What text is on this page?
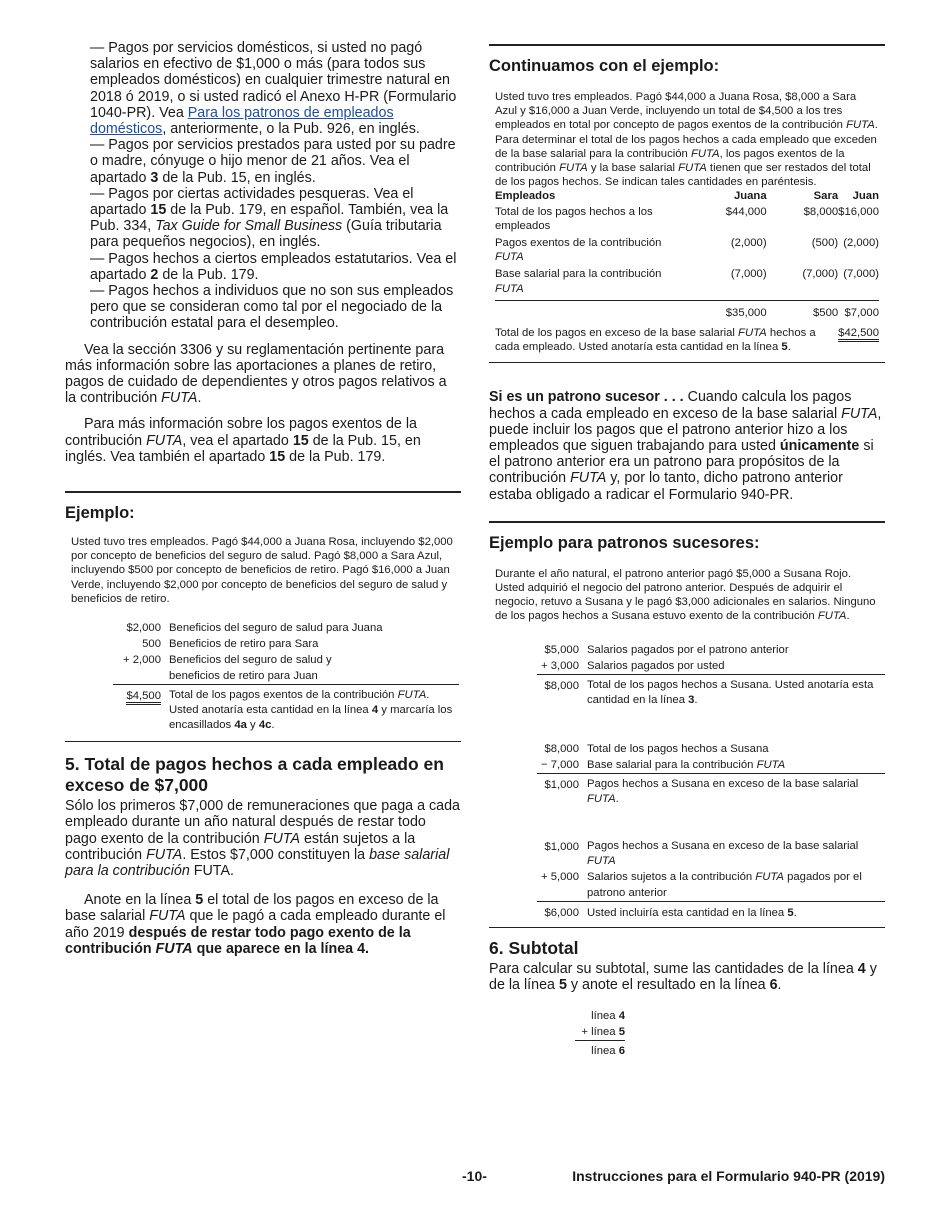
— Pagos por servicios domésticos, si usted no pagó salarios en efectivo de $1,000 o más (para todos sus empleados domésticos) en cualquier trimestre natural en 2018 ó 2019, o si usted radicó el Anexo H-PR (Formulario 1040-PR). Vea Para los patronos de empleados domésticos, anteriormente, o la Pub. 926, en inglés.

— Pagos por servicios prestados para usted por su padre o madre, cónyuge o hijo menor de 21 años. Vea el apartado 3 de la Pub. 15, en inglés.

— Pagos por ciertas actividades pesqueras. Vea el apartado 15 de la Pub. 179, en español. También, vea la Pub. 334, Tax Guide for Small Business (Guía tributaria para pequeños negocios), en inglés.

— Pagos hechos a ciertos empleados estatutarios. Vea el apartado 2 de la Pub. 179.

— Pagos hechos a individuos que no son sus empleados pero que se consideran como tal por el negociado de la contribución estatal para el desempleo.

Vea la sección 3306 y su reglamentación pertinente para más información sobre las aportaciones a planes de retiro, pagos de cuidado de dependientes y otros pagos relativos a la contribución FUTA.

Para más información sobre los pagos exentos de la contribución FUTA, vea el apartado 15 de la Pub. 15, en inglés. Vea también el apartado 15 de la Pub. 179.

Ejemplo:
Usted tuvo tres empleados. Pagó $44,000 a Juana Rosa, incluyendo $2,000 por concepto de beneficios del seguro de salud. Pagó $8,000 a Sara Azul, incluyendo $500 por concepto de beneficios de retiro. Pagó $16,000 a Juan Verde, incluyendo $2,000 por concepto de beneficios del seguro de salud y beneficios de retiro.
$2,000	Beneficios del seguro de salud para Juana
500	Beneficios de retiro para Sara
+ 2,000	Beneficios del seguro de salud y
	beneficios de retiro para Juan
$4,500	Total de los pagos exentos de la contribución FUTA. Usted anotaría esta cantidad en la línea 4 y marcaría los encasillados 4a y 4c.
5. Total de pagos hechos a cada empleado en exceso de $7,000

Sólo los primeros $7,000 de remuneraciones que paga a cada empleado durante un año natural después de restar todo pago exento de la contribución FUTA están sujetos a la contribución FUTA. Estos $7,000 constituyen la base salarial para la contribución FUTA.

Anote en la línea 5 el total de los pagos en exceso de la base salarial FUTA que le pagó a cada empleado durante el año 2019 después de restar todo pago exento de la contribución FUTA que aparece en la línea 4.

Continuamos con el ejemplo:
Usted tuvo tres empleados. Pagó $44,000 a Juana Rosa, $8,000 a Sara Azul y $16,000 a Juan Verde, incluyendo un total de $4,500 a los tres empleados en total por concepto de pagos exentos de la contribución FUTA. Para determinar el total de los pagos hechos a cada empleado que exceden de la base salarial para la contribución FUTA, los pagos exentos de la contribución FUTA y la base salarial FUTA tienen que ser restados del total de los pagos hechos. Se indican tales cantidades en paréntesis.
Empleados	Juana	Sara	Juan
Total de los pagos hechos a los empleados	$44,000	$8,000	$16,000
Pagos exentos de la contribución FUTA	(2,000)	(500)	(2,000)
Base salarial para la contribución FUTA	(7,000)	(7,000)	(7,000)
	$35,000	$500	$7,000
Total de los pagos en exceso de la base salarial FUTA hechos a cada empleado. Usted anotaría esta cantidad en la línea 5.			$42,500

Si es un patrono sucesor . . . Cuando calcula los pagos hechos a cada empleado en exceso de la base salarial FUTA, puede incluir los pagos que el patrono anterior hizo a los empleados que siguen trabajando para usted únicamente si el patrono anterior era un patrono para propósitos de la contribución FUTA y, por lo tanto, dicho patrono anterior estaba obligado a radicar el Formulario 940-PR.

Ejemplo para patronos sucesores:
Durante el año natural, el patrono anterior pagó $5,000 a Susana Rojo. Usted adquirió el negocio del patrono anterior. Después de adquirir el negocio, retuvo a Susana y le pagó $3,000 adicionales en salarios. Ninguno de los pagos hechos a Susana estuvo exento de la contribución FUTA.
$5,000	Salarios pagados por el patrono anterior
+ 3,000	Salarios pagados por usted
$8,000	Total de los pagos hechos a Susana. Usted anotaría esta cantidad en la línea 3.
$8,000	Total de los pagos hechos a Susana
− 7,000	Base salarial para la contribución FUTA
$1,000	Pagos hechos a Susana en exceso de la base salarial FUTA.
$1,000	Pagos hechos a Susana en exceso de la base salarial FUTA
+ 5,000	Salarios sujetos a la contribución FUTA pagados por el patrono anterior
$6,000	Usted incluiría esta cantidad en la línea 5.
6. Subtotal

Para calcular su subtotal, sume las cantidades de la línea 4 y de la línea 5 y anote el resultado en la línea 6.

línea 4
+ línea 5
línea 6
-10-	Instrucciones para el Formulario 940-PR (2019)
